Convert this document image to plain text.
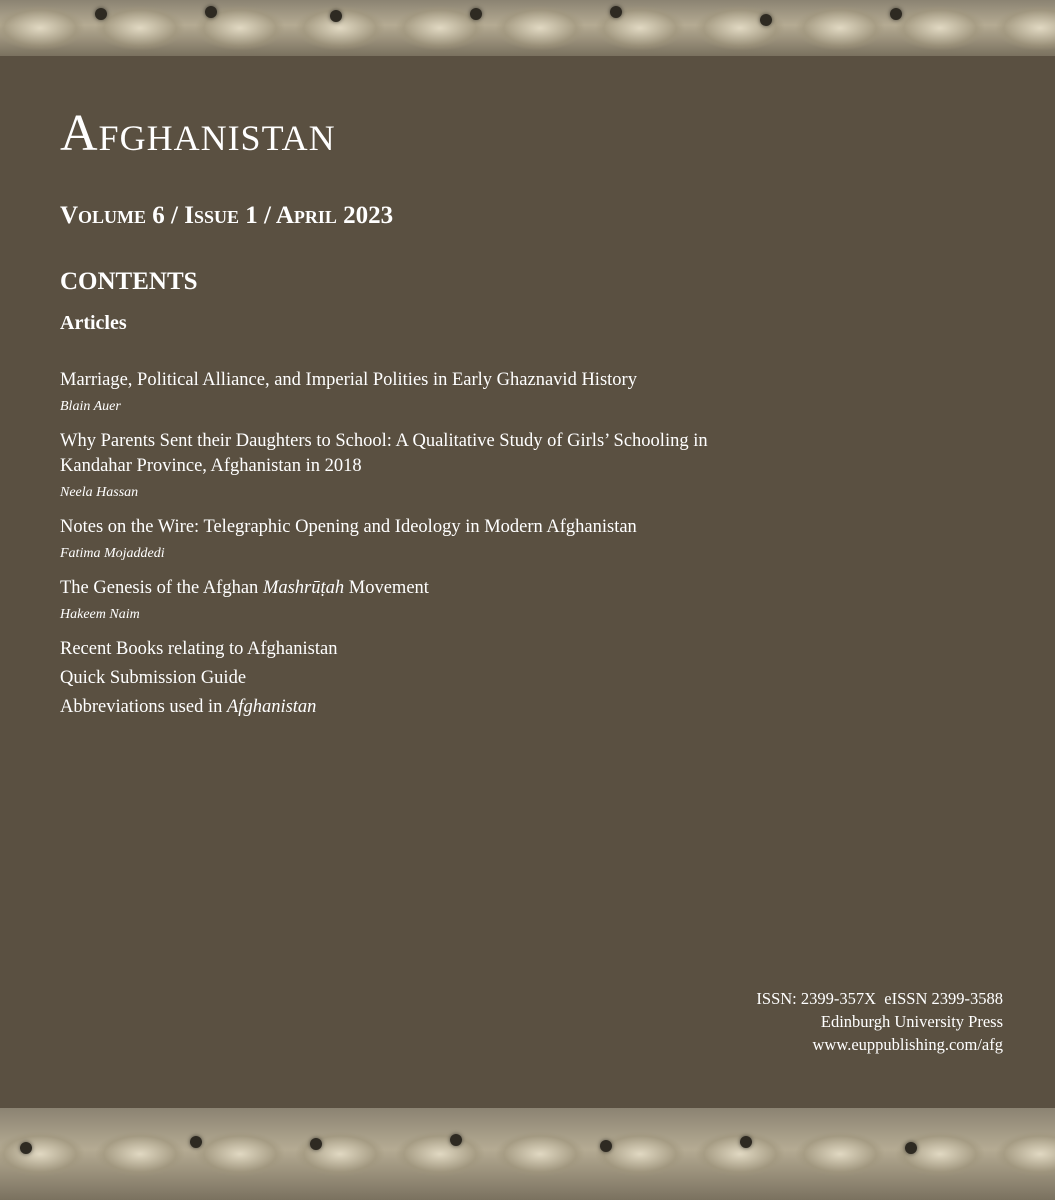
Afghanistan
Volume 6 / Issue 1 / April 2023
CONTENTS
Articles
Marriage, Political Alliance, and Imperial Polities in Early Ghaznavid History
Blain Auer
Why Parents Sent their Daughters to School: A Qualitative Study of Girls’ Schooling in
Kandahar Province, Afghanistan in 2018
Neela Hassan
Notes on the Wire: Telegraphic Opening and Ideology in Modern Afghanistan
Fatima Mojaddedi
The Genesis of the Afghan Mashrūṭah Movement
Hakeem Naim
Recent Books relating to Afghanistan
Quick Submission Guide
Abbreviations used in Afghanistan
ISSN: 2399-357X  eISSN 2399-3588
Edinburgh University Press
www.euppublishing.com/afg
